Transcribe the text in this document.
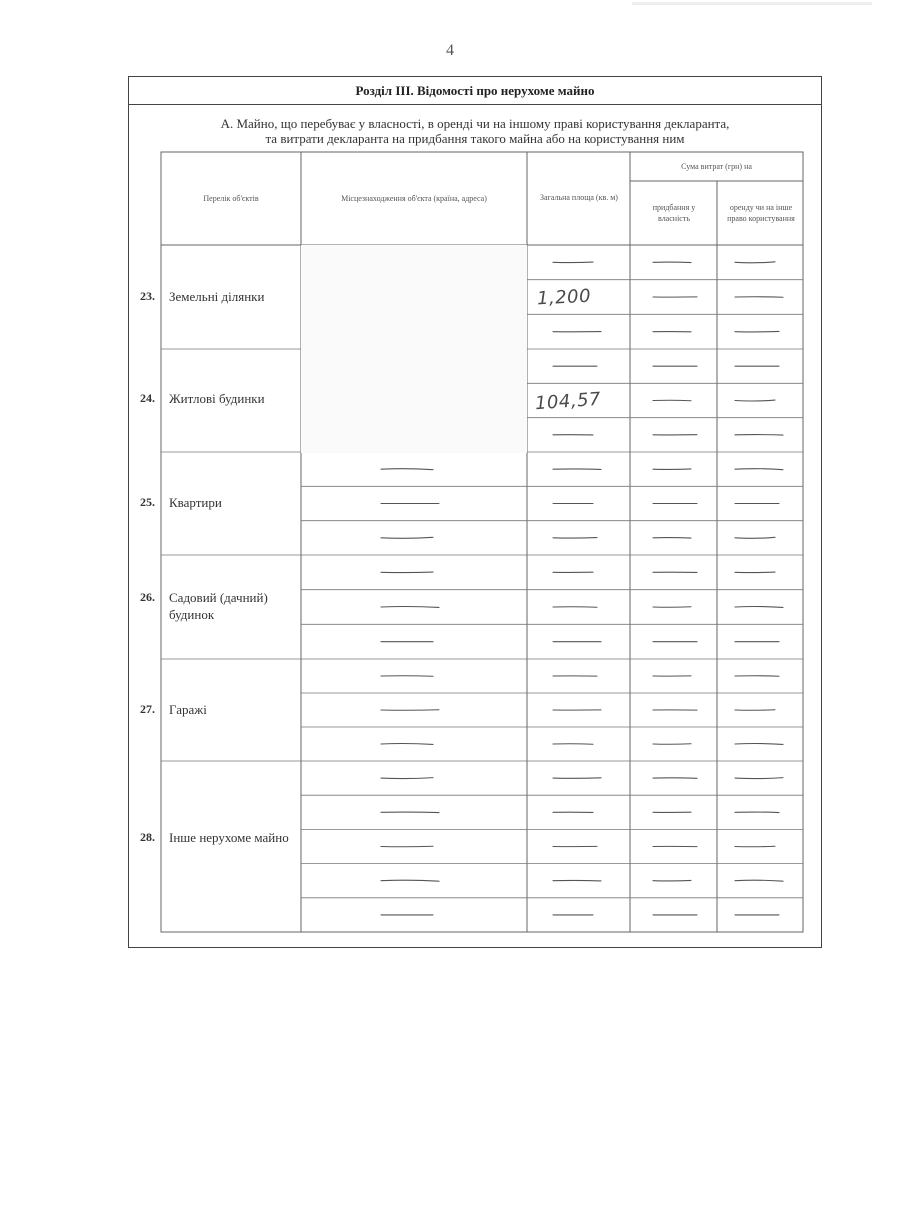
4
Розділ III. Відомості про нерухоме майно
А. Майно, що перебуває у власності, в оренді чи на іншому праві користування декларанта,
та витрати декларанта на придбання такого майна або на користування ним
Перелік об'єктів	Місцезнаходження об'єкта (країна, адреса)	Загальна площа (кв. м)
Сума витрат (грн) на
придбання у власність
оренду чи на інше право користування
23. Земельні ділянки
24. Житлові будинки
25. Квартири
26. Садовий (дачний) будинок
27. Гаражі
28. Інше нерухоме майно
1,200
104,57
